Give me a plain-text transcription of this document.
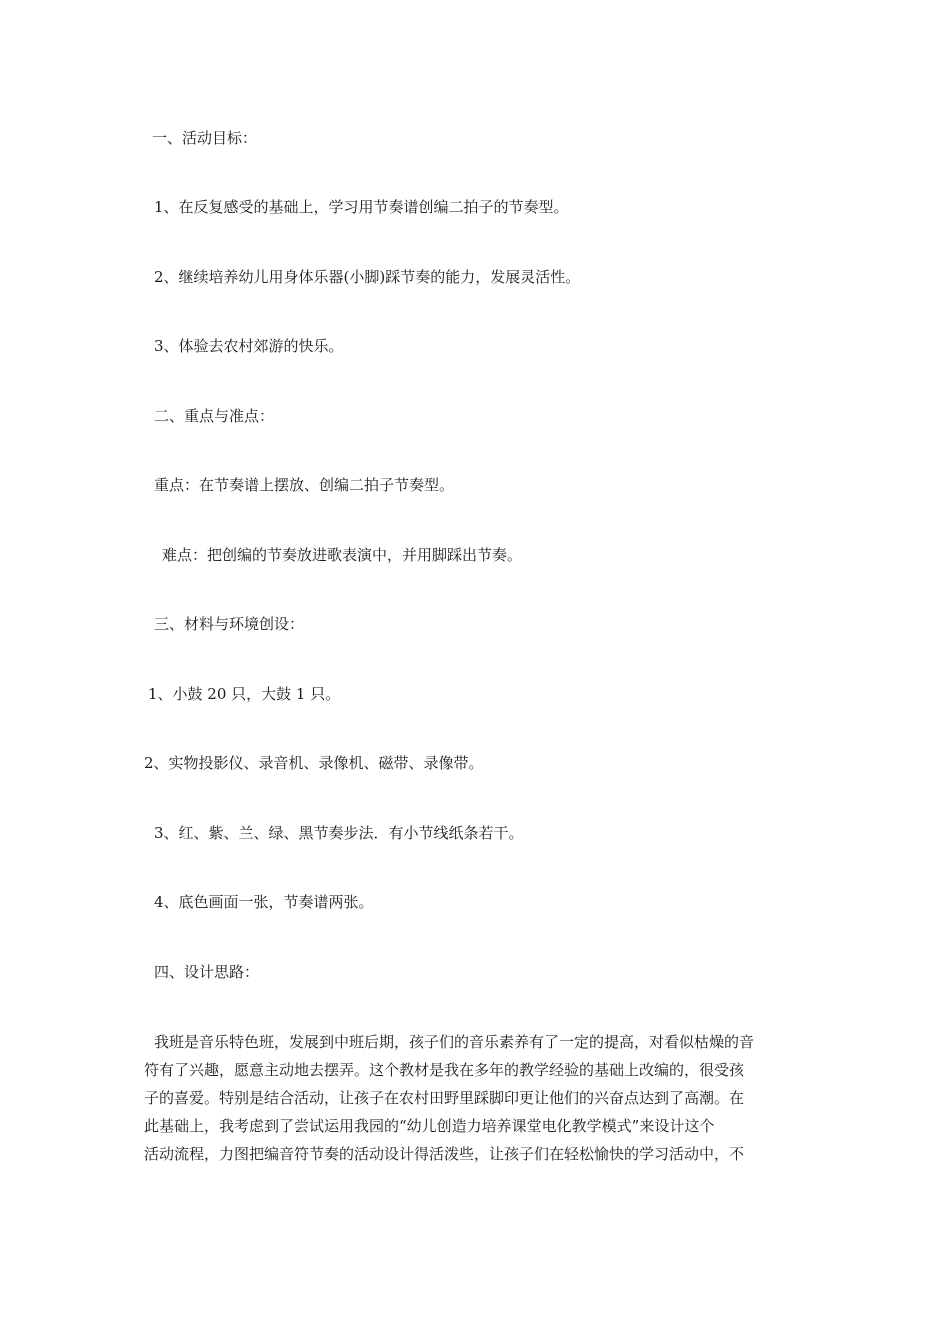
一、活动目标：
1、在反复感受的基础上，学习用节奏谱创编二拍子的节奏型。
2、继续培养幼儿用身体乐器(小脚)踩节奏的能力，发展灵活性。
3、体验去农村郊游的快乐。
二、重点与准点：
重点：在节奏谱上摆放、创编二拍子节奏型。
难点：把创编的节奏放进歌表演中，并用脚踩出节奏。
三、材料与环境创设：
1、小鼓 20 只，大鼓 1 只。
2、实物投影仪、录音机、录像机、磁带、录像带。
3、红、紫、兰、绿、黑节奏步法．有小节线纸条若干。
4、底色画面一张，节奏谱两张。
四、设计思路：

我班是音乐特色班，发展到中班后期，孩子们的音乐素养有了一定的提高，对看似枯燥的音

符有了兴趣，愿意主动地去摆弄。这个教材是我在多年的教学经验的基础上改编的，很受孩

子的喜爱。特别是结合活动，让孩子在农村田野里踩脚印更让他们的兴奋点达到了高潮。在

此基础上，我考虑到了尝试运用我园的“幼儿创造力培养课堂电化教学模式”来设计这个

活动流程，力图把编音符节奏的活动设计得活泼些，让孩子们在轻松愉快的学习活动中，不
